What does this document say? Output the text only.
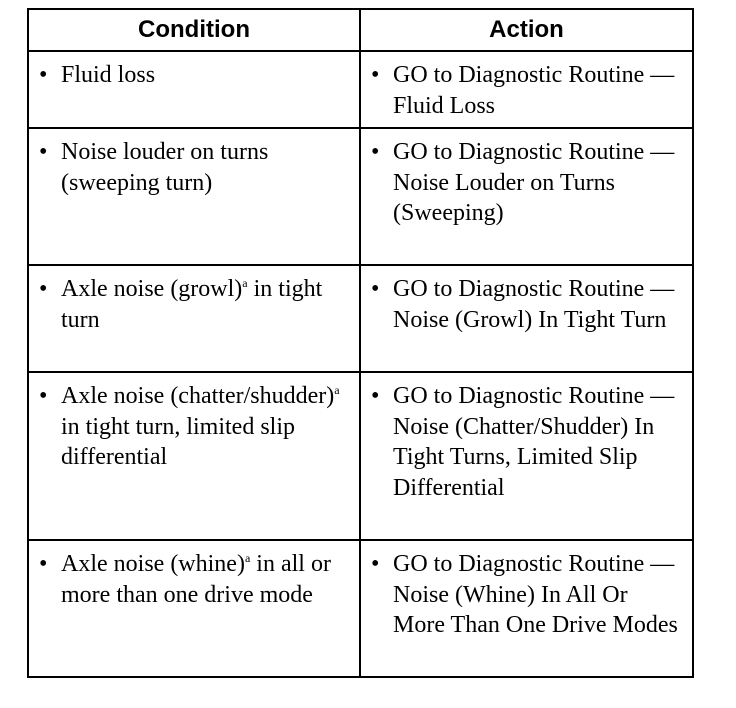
Condition	Action

• Fluid loss	• GO to Diagnostic Routine — Fluid Loss

• Noise louder on turns (sweeping turn)	• GO to Diagnostic Routine — Noise Louder on Turns (Sweeping)

• Axle noise (growl)$^a$ in tight turn	• GO to Diagnostic Routine — Noise (Growl) In Tight Turn

• Axle noise (chatter/shudder)$^a$ in tight turn, limited slip differential	• GO to Diagnostic Routine — Noise (Chatter/Shudder) In Tight Turns, Limited Slip Differential

• Axle noise (whine)$^a$ in all or more than one drive mode	• GO to Diagnostic Routine — Noise (Whine) In All Or More Than One Drive Modes
